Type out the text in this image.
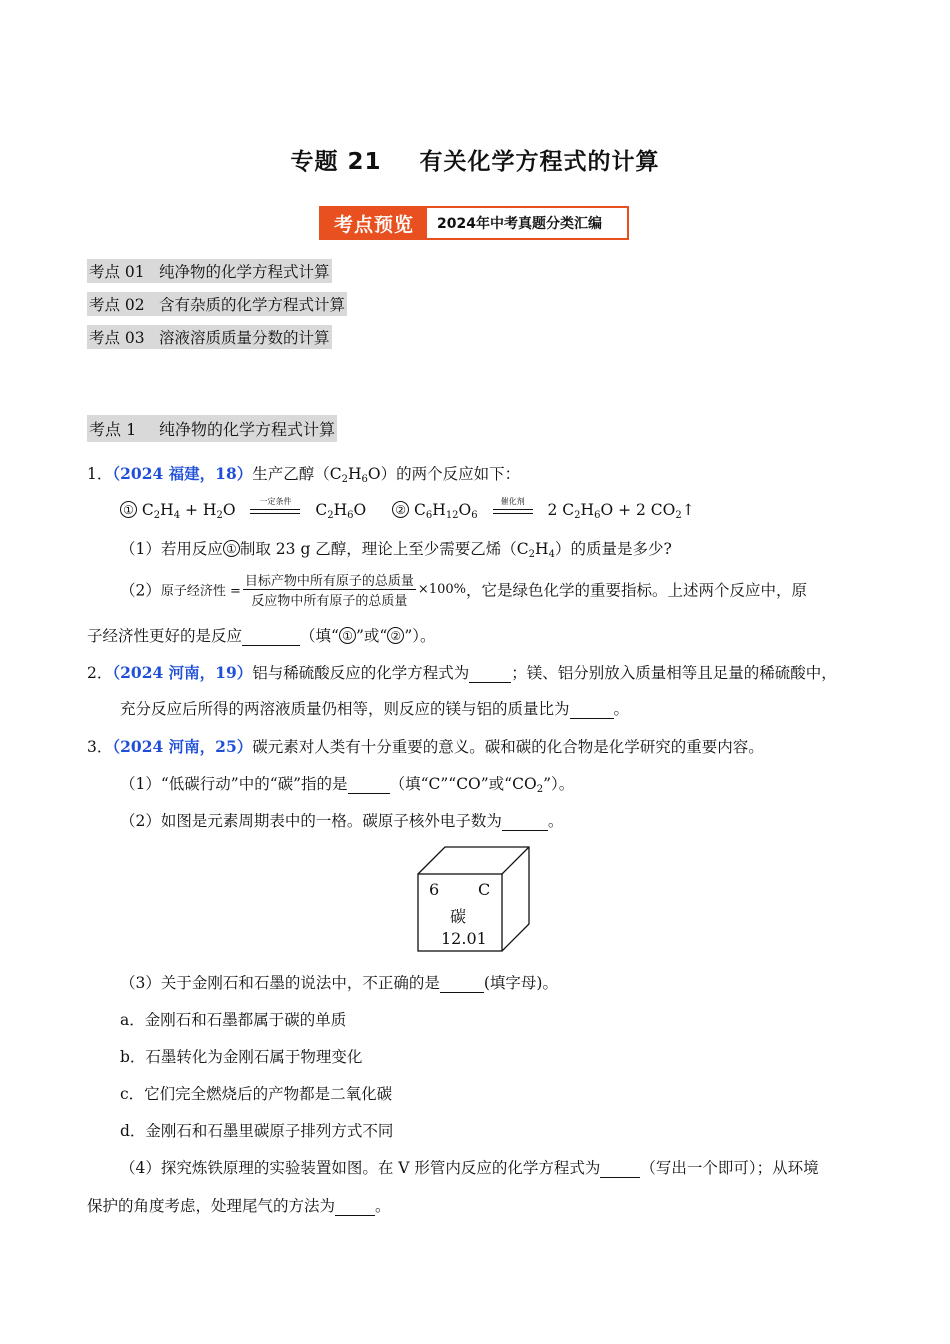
专题 21 有关化学方程式的计算
考点预览	2024年中考真题分类汇编
考点 01 纯净物的化学方程式计算
考点 02 含有杂质的化学方程式计算
考点 03 溶液溶质质量分数的计算
考点 1 纯净物的化学方程式计算
1．（2024 福建，18）生产乙醇$(C_2H_6O)$的两个反应如下：
① $C_2H_4 + H_2O$	一定条件	$C_2H_6O$  ② $C_6H_{12}O_6$
催化剂	2 $C_2H_6O + 2$ $CO_2↑$
（1）若用反应 ① 制取 23 g 乙醇，理论上至少需要乙烯$(C_2H_4)$的质量是多少?
（2）原子经济性 = $\frac{\text{目标产物中所有原子的总质量}}{\text{反应物中所有原子的总质量}} \times 100\%$，它是绿色化学的重要指标。上述两个反应中，原
子经济性更好的是反应	（填“ ① ”或“ ② ”）。
2．（2024 河南，19）铝与稀硫酸反应的化学方程式为	；镁、铝分别放入质量相等且足量的稀硫酸中，
充分反应后所得的两溶液质量仍相等，则反应的镁与铝的质量比为	。
3．（2024 河南，25）碳元素对人类有十分重要的意义。碳和碳的化合物是化学研究的重要内容。
（1）“低碳行动”中的“碳”指的是	（填“C”“CO”或“$CO_2$”）。
（2）如图是元素周期表中的一格。碳原子核外电子数为	。
6 C
碳
12.01
（3）关于金刚石和石墨的说法中，不正确的是	(填字母)。
a．金刚石和石墨都属于碳的单质
b．石墨转化为金刚石属于物理变化
c．它们完全燃烧后的产物都是二氧化碳
d．金刚石和石墨里碳原子排列方式不同
（4）探究炼铁原理的实验装置如图。在 V 形管内反应的化学方程式为	（写出一个即可）；从环境
保护的角度考虑，处理尾气的方法为	。
